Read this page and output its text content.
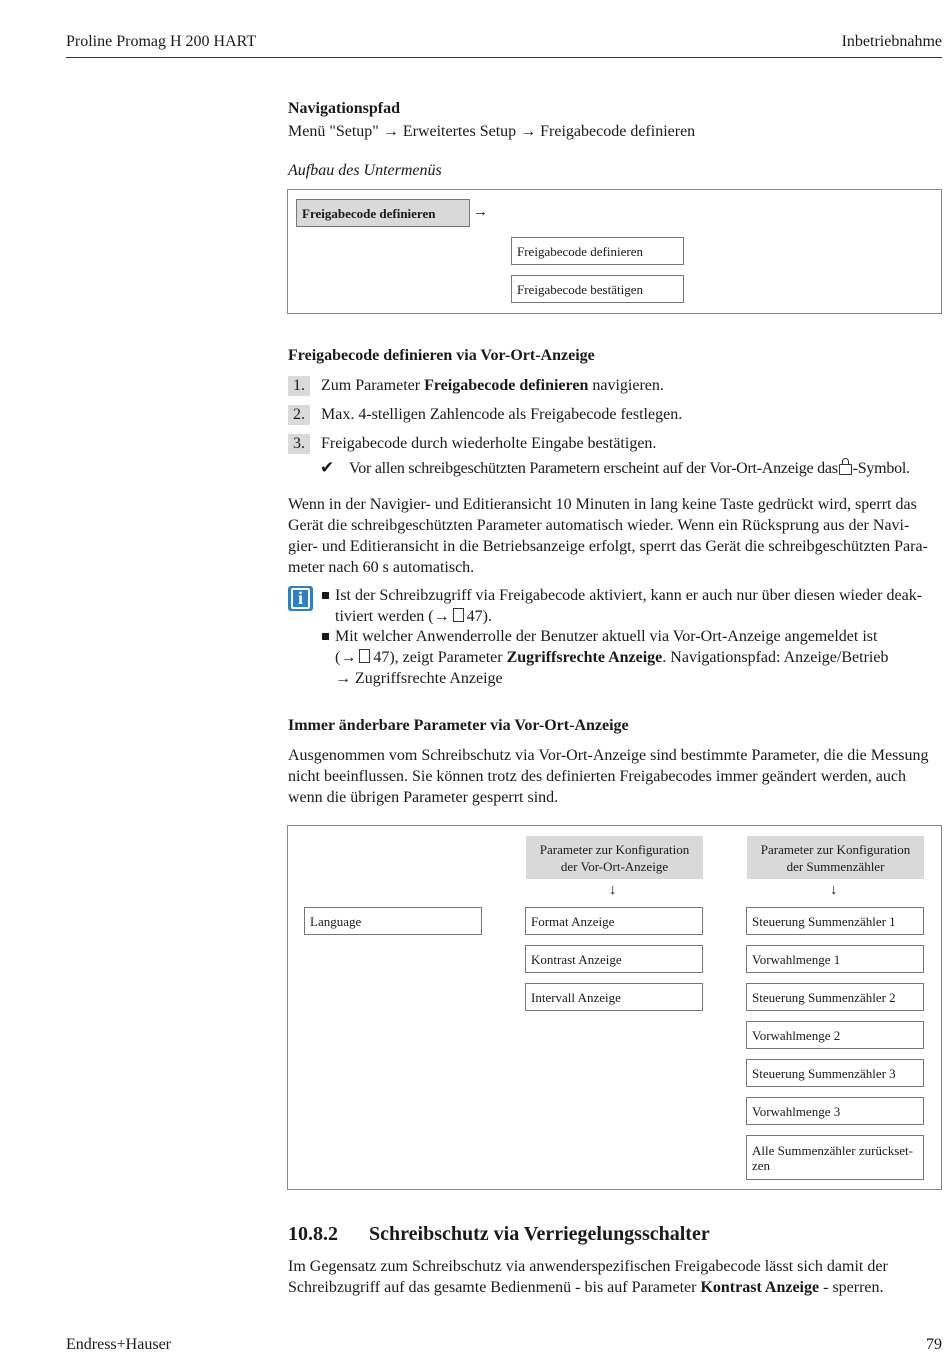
Proline Promag H 200 HART	Inbetriebnahme
Navigationspfad
Menü "Setup" → Erweitertes Setup → Freigabecode definieren
Aufbau des Untermenüs
Freigabecode definieren	→
Freigabecode definieren
Freigabecode bestätigen
Freigabecode definieren via Vor-Ort-Anzeige
1.	Zum Parameter Freigabecode definieren navigieren.
2.	Max. 4-stelligen Zahlencode als Freigabecode festlegen.
3.	Freigabecode durch wiederholte Eingabe bestätigen.
✔ Vor allen schreibgeschützten Parametern erscheint auf der Vor-Ort-Anzeige das -Symbol.
Wenn in der Navigier- und Editieransicht 10 Minuten in lang keine Taste gedrückt wird, sperrt das
Gerät die schreibgeschützten Parameter automatisch wieder. Wenn ein Rücksprung aus der Navi-
gier- und Editieransicht in die Betriebsanzeige erfolgt, sperrt das Gerät die schreibgeschützten Para-
meter nach 60 s automatisch.
i	Ist der Schreibzugriff via Freigabecode aktiviert, kann er auch nur über diesen wieder deak-
tiviert werden (→ 47).
Mit welcher Anwenderrolle der Benutzer aktuell via Vor-Ort-Anzeige angemeldet ist
(→ 47), zeigt Parameter Zugriffsrechte Anzeige. Navigationspfad: Anzeige/Betrieb
→ Zugriffsrechte Anzeige
Immer änderbare Parameter via Vor-Ort-Anzeige
Ausgenommen vom Schreibschutz via Vor-Ort-Anzeige sind bestimmte Parameter, die die Messung
nicht beeinflussen. Sie können trotz des definierten Freigabecodes immer geändert werden, auch
wenn die übrigen Parameter gesperrt sind.
Parameter zur Konfiguration
der Vor-Ort-Anzeige
Parameter zur Konfiguration
der Summenzähler
↓	↓
Language	Format Anzeige
Kontrast Anzeige
Intervall Anzeige
Steuerung Summenzähler 1
Vorwahlmenge 1
Steuerung Summenzähler 2
Vorwahlmenge 2
Steuerung Summenzähler 3
Vorwahlmenge 3
Alle Summenzähler zurückset-
zen
10.8.2 Schreibschutz via Verriegelungsschalter
Im Gegensatz zum Schreibschutz via anwenderspezifischen Freigabecode lässt sich damit der
Schreibzugriff auf das gesamte Bedienmenü - bis auf Parameter Kontrast Anzeige - sperren.
Endress+Hauser	79
